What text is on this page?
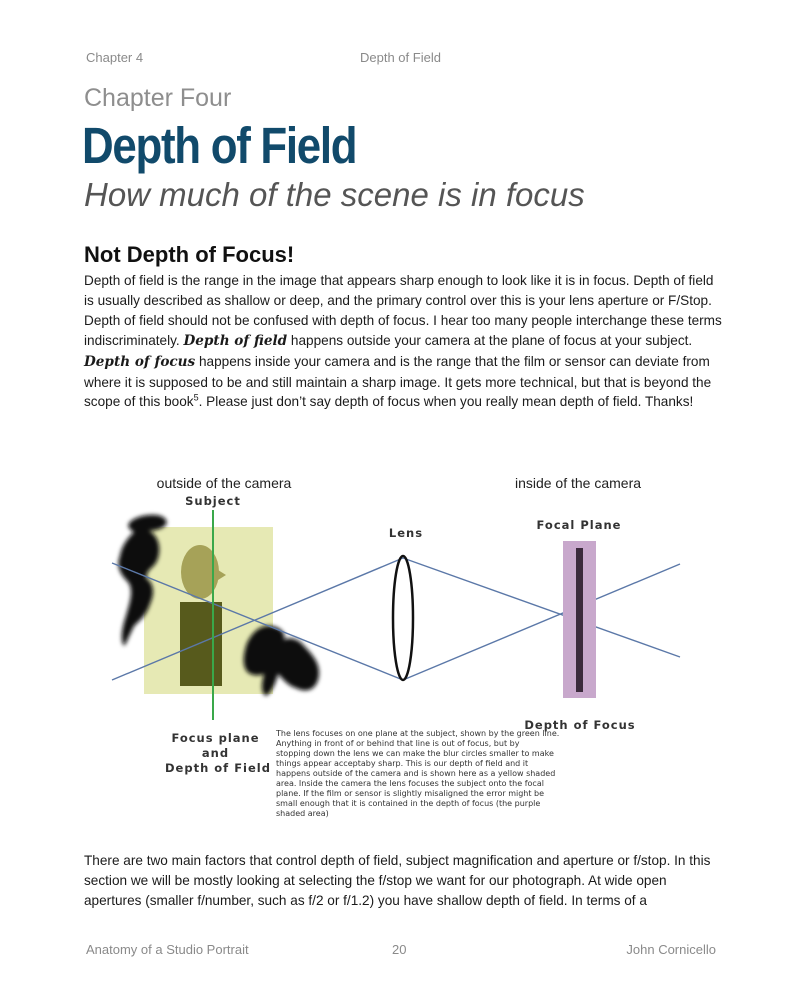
Chapter 4	Depth of Field
Chapter Four
Depth of Field
How much of the scene is in focus
Not Depth of Focus!

Depth of field is the range in the image that appears sharp enough to look like it is in focus. Depth of field is usually described as shallow or deep, and the primary control over this is your lens aperture or F/Stop. Depth of field should not be confused with depth of focus. I hear too many people interchange these terms indiscriminately. Depth of field happens outside your camera at the plane of focus at your subject. Depth of focus happens inside your camera and is the range that the film or sensor can deviate from where it is supposed to be and still maintain a sharp image. It gets more technical, but that is beyond the scope of this book$^5$. Please just don’t say depth of focus when you really mean depth of field. Thanks!

outside of the camera	inside of the camera
Subject
Lens
Focal Plane
Depth of Focus
Focus plane and Depth of Field
The lens focuses on one plane at the subject, shown by the green line. Anything in front of or behind that line is out of focus, but by stopping down the lens we can make the blur circles smaller to make things appear acceptaby sharp. This is our depth of field and it happens outside of the camera and is shown here as a yellow shaded area. Inside the camera the lens focuses the subject onto the focal plane. If the film or sensor is slightly misaligned the error might be small enough that it is contained in the depth of focus (the purple shaded area)

There are two main factors that control depth of field, subject magnification and aperture or f/stop. In this section we will be mostly looking at selecting the f/stop we want for our photograph. At wide open apertures (smaller f/number, such as f/2 or f/1.2) you have shallow depth of field. In terms of a

Anatomy of a Studio Portrait	20	John Cornicello
